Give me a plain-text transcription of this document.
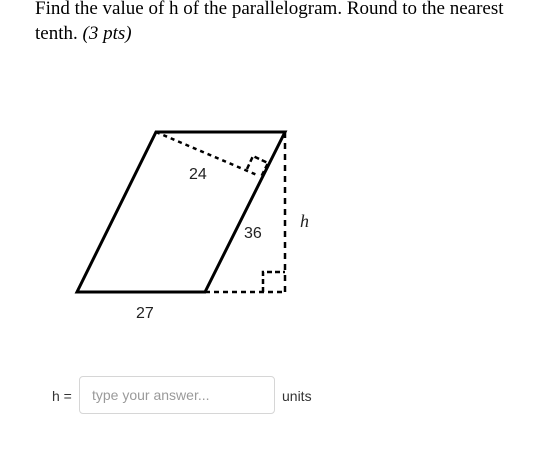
Find the value of h of the parallelogram. Round to the nearest tenth. (3 pts)
24
36
h
27
h =
type your answer...	units
